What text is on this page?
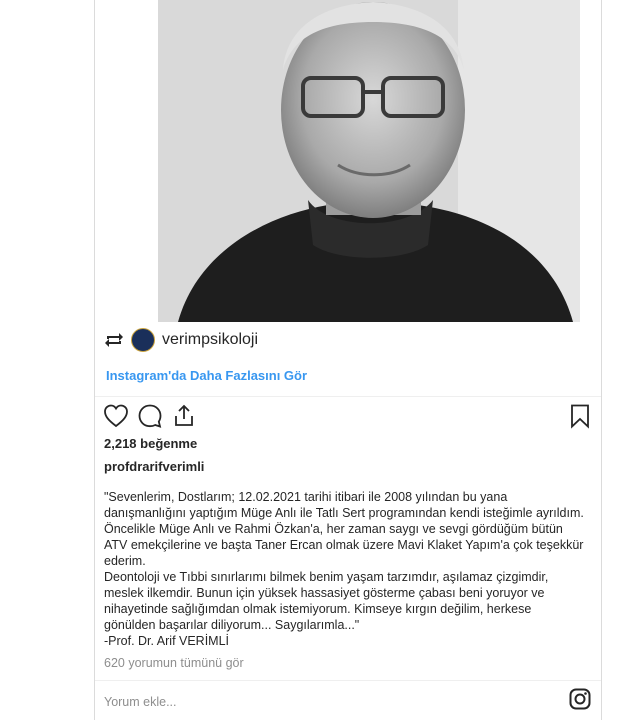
verimpsikoloji
Instagram'da Daha Fazlasını Gör
2,218 beğenme
profdrarifverimli

"Sevenlerim, Dostlarım; 12.02.2021 tarihi itibari ile 2008 yılından bu yana danışmanlığını yaptığım Müge Anlı ile Tatlı Sert programından kendi isteğimle ayrıldım. Öncelikle Müge Anlı ve Rahmi Özkan'a, her zaman saygı ve sevgi gördüğüm bütün ATV emekçilerine ve başta Taner Ercan olmak üzere Mavi Klaket Yapım'a çok teşekkür ederim.

Deontoloji ve Tıbbi sınırlarımı bilmek benim yaşam tarzımdır, aşılamaz çizgimdir, meslek ilkemdir. Bunun için yüksek hassasiyet gösterme çabası beni yoruyor ve nihayetinde sağlığımdan olmak istemiyorum. Kimseye kırgın değilim, herkese gönülden başarılar diliyorum... Saygılarımla..."

-Prof. Dr. Arif VERİMLİ

620 yorumun tümünü gör
Yorum ekle...
